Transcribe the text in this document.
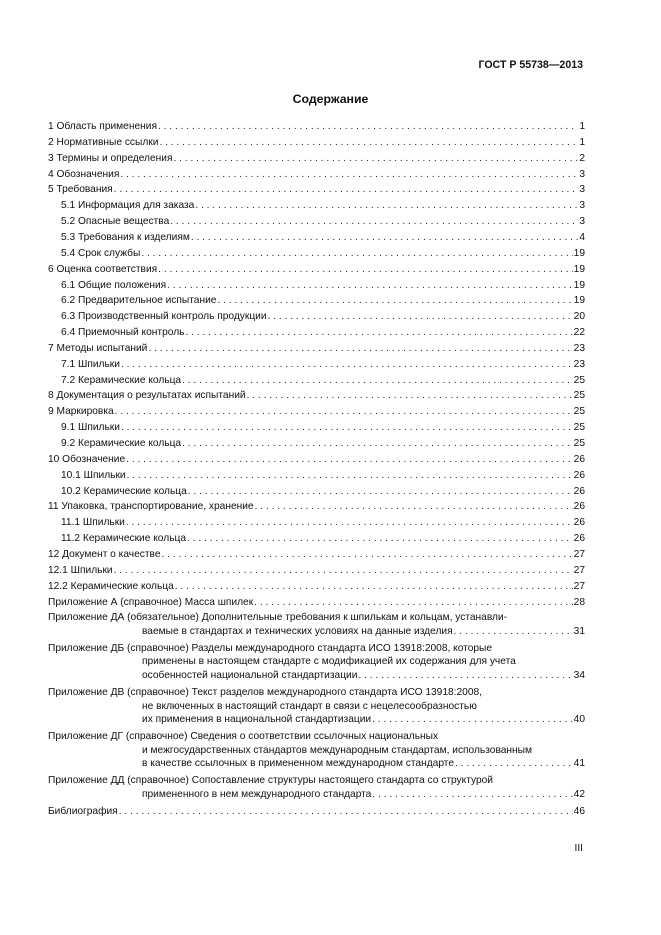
ГОСТ Р 55738—2013
Содержание
1 Область применения . . .	1
2 Нормативные ссылки . . .	1
3 Термины и определения . . .	2
4 Обозначения . . .	3
5 Требования . . .	3
5.1 Информация для заказа . . .	3
5.2 Опасные вещества . . .	3
5.3 Требования к изделиям . . .	4
5.4 Срок службы . . .	19
6 Оценка соответствия . . .	19
6.1 Общие положения . . .	19
6.2 Предварительное испытание . . .	19
6.3 Производственный контроль продукции . . .	20
6.4 Приемочный контроль . . .	22
7 Методы испытаний . . .	23
7.1 Шпильки . . .	23
7.2 Керамические кольца . . .	25
8 Документация о результатах испытаний . . .	25
9 Маркировка . . .	25
9.1 Шпильки . . .	25
9.2 Керамические кольца . . .	25
10 Обозначение . . .	26
10.1 Шпильки . . .	26
10.2 Керамические кольца . . .	26
11 Упаковка, транспортирование, хранение . . .	26
11.1 Шпильки . . .	26
11.2 Керамические кольца . . .	26
12 Документ о качестве . . .	27
12.1 Шпильки . . .	27
12.2 Керамические кольца . . .	27
Приложение А (справочное) Масса шпилек . . .	28
Приложение ДА (обязательное) Дополнительные требования к шпилькам и кольцам, устанавли-
ваемые в стандартах и технических условиях на данные изделия . . .	31
Приложение ДБ (справочное) Разделы международного стандарта ИСО 13918:2008, которые
применены в настоящем стандарте с модификацией их содержания для учета
особенностей национальной стандартизации . . .	34
Приложение ДВ (справочное) Текст разделов международного стандарта ИСО 13918:2008,
не включенных в настоящий стандарт в связи с нецелесообразностью
их применения в национальной стандартизации . . .	40
Приложение ДГ (справочное) Сведения о соответствии ссылочных национальных
и межгосударственных стандартов международным стандартам, использованным
в качестве ссылочных в примененном международном стандарте . . .	41
Приложение ДД (справочное) Сопоставление структуры настоящего стандарта со структурой
примененного в нем международного стандарта . . .	42
Библиография . . .	46
III
